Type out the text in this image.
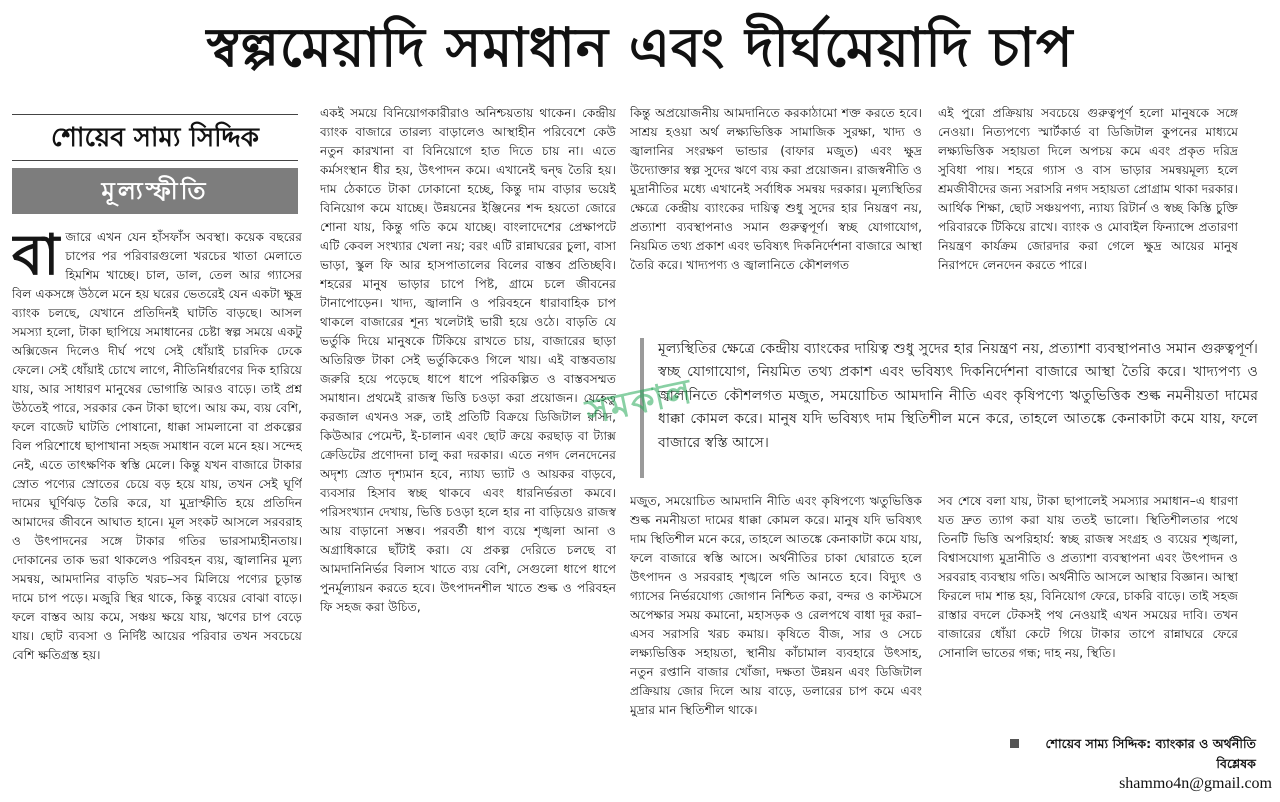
স্বল্পমেয়াদি সমাধান এবং দীর্ঘমেয়াদি চাপ
শোয়েব সাম্য সিদ্দিক
মূল্যস্ফীতি

বাজারে এখন যেন হাঁসফাঁস অবস্থা। কয়েক বছরের চাপের পর পরিবারগুলো খরচের খাতা মেলাতে হিমশিম খাচ্ছে। চাল, ডাল, তেল আর গ্যাসের বিল একসঙ্গে উঠলে মনে হয় ঘরের ভেতরেই যেন একটা ক্ষুদ্র ব্যাংক চলছে, যেখানে প্রতিদিনই ঘাটতি বাড়ছে। আসল সমস্যা হলো, টাকা ছাপিয়ে সমাধানের চেষ্টা স্বল্প সময়ে একটু অক্সিজেন দিলেও দীর্ঘ পথে সেই ধোঁয়াই চারদিক ঢেকে ফেলে। সেই ধোঁয়াই চোখে লাগে, নীতিনির্ধারণের দিক হারিয়ে যায়, আর সাধারণ মানুষের ভোগান্তি আরও বাড়ে। তাই প্রশ্ন উঠতেই পারে, সরকার কেন টাকা ছাপে। আয় কম, ব্যয় বেশি, ফলে বাজেট ঘাটতি পোষানো, ধাক্কা সামলানো বা প্রকল্পের বিল পরিশোধে ছাপাখানা সহজ সমাধান বলে মনে হয়। সন্দেহ নেই, এতে তাৎক্ষণিক স্বস্তি মেলে। কিন্তু যখন বাজারে টাকার স্রোত পণ্যের স্রোতের চেয়ে বড় হয়ে যায়, তখন সেই ঘূর্ণি দামের ঘূর্ণিঝড় তৈরি করে, যা মুদ্রাস্ফীতি হয়ে প্রতিদিন আমাদের জীবনে আঘাত হানে। মূল সংকট আসলে সরবরাহ ও উৎপাদনের সঙ্গে টাকার গতির ভারসাম্যহীনতায়। দোকানের তাক ভরা থাকলেও পরিবহন ব্যয়, জ্বালানির মূল্য সমন্বয়, আমদানির বাড়তি খরচ–সব মিলিয়ে পণ্যের চূড়ান্ত দামে চাপ পড়ে। মজুরি স্থির থাকে, কিন্তু ব্যয়ের বোঝা বাড়ে। ফলে বাস্তব আয় কমে, সঞ্চয় ক্ষয়ে যায়, ঋণের চাপ বেড়ে যায়। ছোট ব্যবসা ও নির্দিষ্ট আয়ের পরিবার তখন সবচেয়ে বেশি ক্ষতিগ্রস্ত হয়।

একই সময়ে বিনিয়োগকারীরাও অনিশ্চয়তায় থাকেন। কেন্দ্রীয় ব্যাংক বাজারে তারল্য বাড়ালেও আস্থাহীন পরিবেশে কেউ নতুন কারখানা বা বিনিয়োগে হাত দিতে চায় না। এতে কর্মসংস্থান ধীর হয়, উৎপাদন কমে। এখানেই দ্বন্দ্ব তৈরি হয়। দাম ঠেকাতে টাকা ঢোকানো হচ্ছে, কিন্তু দাম বাড়ার ভয়েই বিনিয়োগ কমে যাচ্ছে। উন্নয়নের ইঞ্জিনের শব্দ হয়তো জোরে শোনা যায়, কিন্তু গতি কমে যাচ্ছে। বাংলাদেশের প্রেক্ষাপটে এটি কেবল সংখ্যার খেলা নয়; বরং এটি রান্নাঘরের চুলা, বাসা ভাড়া, স্কুল ফি আর হাসপাতালের বিলের বাস্তব প্রতিচ্ছবি। শহরের মানুষ ভাড়ার চাপে পিষ্ট, গ্রামে চলে জীবনের টানাপোড়েন। খাদ্য, জ্বালানি ও পরিবহনে ধারাবাহিক চাপ থাকলে বাজারের শূন্য খলেটাই ভারী হয়ে ওঠে। বাড়তি যে ভর্তুকি দিয়ে মানুষকে টিকিয়ে রাখতে চায়, বাজারের ছাড়া অতিরিক্ত টাকা সেই ভর্তুকিকেও গিলে খায়। এই বাস্তবতায় জরুরি হয়ে পড়েছে ধাপে ধাপে পরিকল্পিত ও বাস্তবসম্মত সমাধান। প্রথমেই রাজস্ব ভিত্তি চওড়া করা প্রয়োজন। যেহেতু করজাল এখনও সরু, তাই প্রতিটি বিক্রয়ে ডিজিটাল রসিদ, কিউআর পেমেন্ট, ই-চালান এবং ছোট ক্রয়ে করছাড় বা ট্যাক্স ক্রেডিটের প্রণোদনা চালু করা দরকার। এতে নগদ লেনদেনের অদৃশ্য স্রোত দৃশ্যমান হবে, ন্যায্য ভ্যাট ও আয়কর বাড়বে, ব্যবসার হিসাব স্বচ্ছ থাকবে এবং ধারনির্ভরতা কমবে। পরিসংখ্যান দেখায়, ভিত্তি চওড়া হলে হার না বাড়িয়েও রাজস্ব আয় বাড়ানো সম্ভব। পরবর্তী ধাপ ব্যয়ে শৃঙ্খলা আনা ও অগ্রাধিকারে ছাঁটাই করা। যে প্রকল্প দেরিতে চলছে বা আমদানিনির্ভর বিলাস খাতে ব্যয় বেশি, সেগুলো ধাপে ধাপে পুনর্মূল্যায়ন করতে হবে। উৎপাদনশীল খাতে শুল্ক ও পরিবহন ফি সহজ করা উচিত,

কিন্তু অপ্রয়োজনীয় আমদানিতে করকাঠামো শক্ত করতে হবে। সাশ্রয় হওয়া অর্থ লক্ষ্যভিত্তিক সামাজিক সুরক্ষা, খাদ্য ও জ্বালানির সংরক্ষণ ভান্ডার (বাফার মজুত) এবং ক্ষুদ্র উদ্যোক্তার স্বল্প সুদের ঋণে ব্যয় করা প্রয়োজন। রাজস্বনীতি ও মুদ্রানীতির মধ্যে এখানেই সর্বাধিক সমন্বয় দরকার। মূল্যস্থিতির ক্ষেত্রে কেন্দ্রীয় ব্যাংকের দায়িত্ব শুধু সুদের হার নিয়ন্ত্রণ নয়, প্রত্যাশা ব্যবস্থাপনাও সমান গুরুত্বপূর্ণ। স্বচ্ছ যোগাযোগ, নিয়মিত তথ্য প্রকাশ এবং ভবিষ্যৎ দিকনির্দেশনা বাজারে আস্থা তৈরি করে। খাদ্যপণ্য ও জ্বালানিতে কৌশলগত

এই পুরো প্রক্রিয়ায় সবচেয়ে গুরুত্বপূর্ণ হলো মানুষকে সঙ্গে নেওয়া। নিত্যপণ্যে স্মার্টকার্ড বা ডিজিটাল কুপনের মাধ্যমে লক্ষ্যভিত্তিক সহায়তা দিলে অপচয় কমে এবং প্রকৃত দরিদ্র সুবিধা পায়। শহরে গ্যাস ও বাস ভাড়ার সমন্বয়মূল্য হলে শ্রমজীবীদের জন্য সরাসরি নগদ সহায়তা প্রোগ্রাম থাকা দরকার। আর্থিক শিক্ষা, ছোট সঞ্চয়পণ্য, ন্যায্য রিটার্ন ও স্বচ্ছ কিস্তি চুক্তি পরিবারকে টিকিয়ে রাখে। ব্যাংক ও মোবাইল ফিন্যান্সে প্রতারণা নিয়ন্ত্রণ কার্যক্রম জোরদার করা গেলে ক্ষুদ্র আয়ের মানুষ নিরাপদে লেনদেন করতে পারে।

মূল্যস্থিতির ক্ষেত্রে কেন্দ্রীয় ব্যাংকের দায়িত্ব শুধু সুদের হার নিয়ন্ত্রণ নয়, প্রত্যাশা ব্যবস্থাপনাও সমান গুরুত্বপূর্ণ। স্বচ্ছ যোগাযোগ, নিয়মিত তথ্য প্রকাশ এবং ভবিষ্যৎ দিকনির্দেশনা বাজারে আস্থা তৈরি করে। খাদ্যপণ্য ও জ্বালানিতে কৌশলগত মজুত, সময়োচিত আমদানি নীতি এবং কৃষিপণ্যে ঋতুভিত্তিক শুল্ক নমনীয়তা দামের ধাক্কা কোমল করে। মানুষ যদি ভবিষ্যৎ দাম স্থিতিশীল মনে করে, তাহলে আতঙ্কে কেনাকাটা কমে যায়, ফলে বাজারে স্বস্তি আসে।
সমকাল

মজুত, সময়োচিত আমদানি নীতি এবং কৃষিপণ্যে ঋতুভিত্তিক শুল্ক নমনীয়তা দামের ধাক্কা কোমল করে। মানুষ যদি ভবিষ্যৎ দাম স্থিতিশীল মনে করে, তাহলে আতঙ্কে কেনাকাটা কমে যায়, ফলে বাজারে স্বস্তি আসে। অর্থনীতির চাকা ঘোরাতে হলে উৎপাদন ও সরবরাহ শৃঙ্খলে গতি আনতে হবে। বিদ্যুৎ ও গ্যাসের নির্ভরযোগ্য জোগান নিশ্চিত করা, বন্দর ও কাস্টমসে অপেক্ষার সময় কমানো, মহাসড়ক ও রেলপথে বাধা দূর করা–এসব সরাসরি খরচ কমায়। কৃষিতে বীজ, সার ও সেচে লক্ষ্যভিত্তিক সহায়তা, স্থানীয় কাঁচামাল ব্যবহারে উৎসাহ, নতুন রপ্তানি বাজার খোঁজা, দক্ষতা উন্নয়ন এবং ডিজিটাল প্রক্রিয়ায় জোর দিলে আয় বাড়ে, ডলারের চাপ কমে এবং মুদ্রার মান স্থিতিশীল থাকে।

সব শেষে বলা যায়, টাকা ছাপালেই সমস্যার সমাধান–এ ধারণা যত দ্রুত ত্যাগ করা যায় ততই ভালো। স্থিতিশীলতার পথে তিনটি ভিত্তি অপরিহার্য: স্বচ্ছ রাজস্ব সংগ্রহ ও ব্যয়ের শৃঙ্খলা, বিশ্বাসযোগ্য মুদ্রানীতি ও প্রত্যাশা ব্যবস্থাপনা এবং উৎপাদন ও সরবরাহ ব্যবস্থায় গতি। অর্থনীতি আসলে আস্থার বিজ্ঞান। আস্থা ফিরলে দাম শান্ত হয়, বিনিয়োগ ফেরে, চাকরি বাড়ে। তাই সহজ রাস্তার বদলে টেকসই পথ নেওয়াই এখন সময়ের দাবি। তখন বাজারের ধোঁয়া কেটে গিয়ে টাকার তাপে রান্নাঘরে ফেরে সোনালি ভাতের গন্ধ; দাহ নয়, স্থিতি।

শোয়েব সাম্য সিদ্দিক: ব্যাংকার ও অর্থনীতি বিশ্লেষক
shammo4n@gmail.com
